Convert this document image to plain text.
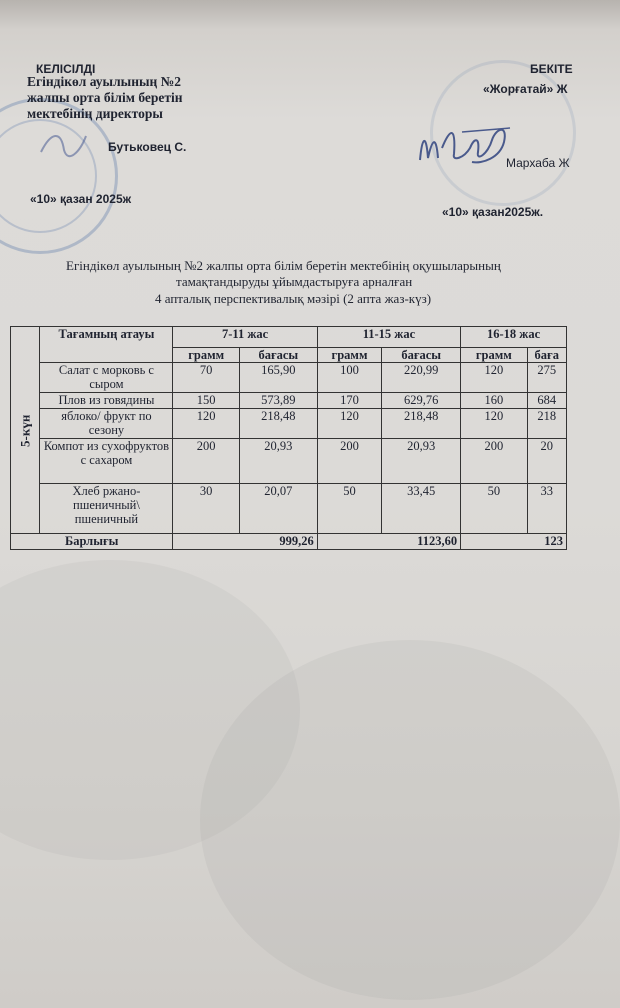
КЕЛІСІЛДІ
Егіндікөл ауылының №2
жалпы орта білім беретін
мектебінің директоры
Бутьковец С.
«10» қазан 2025ж
БЕКІТЕ
«Жорғатай» Ж
Мархаба Ж
«10» қазан2025ж.
Егіндікөл ауылының №2 жалпы орта білім беретін мектебінің оқушыларының
тамақтандыруды ұйымдастыруға арналған
4 апталық перспективалық мәзірі (2 апта жаз-күз)
5-күн	Тағамның атауы	7-11 жас		11-15 жас		16-18 жас	
		грамм	бағасы	грамм	бағасы	грамм	баға
	Салат с морковь с сыром	70	165,90	100	220,99	120	275
	Плов из говядины	150	573,89	170	629,76	160	684
	яблоко/ фрукт по сезону	120	218,48	120	218,48	120	218
	Компот из сухофруктов с сахаром	200	20,93	200	20,93	200	20
	Хлеб ржано-пшеничный\ пшеничный	30	20,07	50	33,45	50	33
Барлығы		999,26		1123,60		123	
